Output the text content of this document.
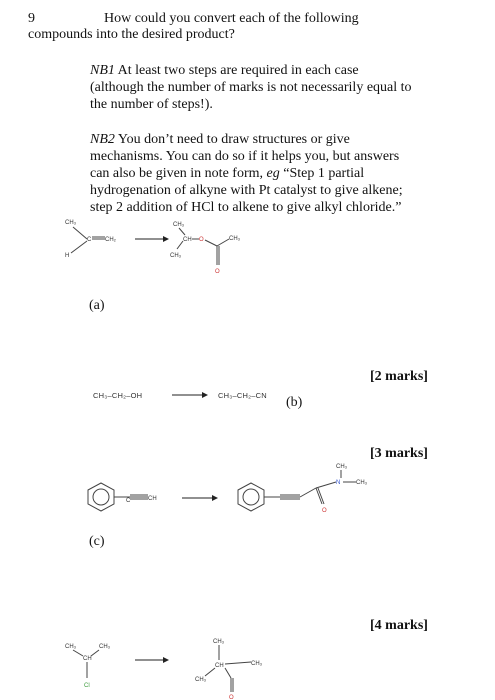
9	How could you convert each of the following
compounds into the desired product?
NB1 At least two steps are required in each case
(although the number of marks is not necessarily equal to
the number of steps!).
NB2 You don’t need to draw structures or give
mechanisms. You can do so if it helps you, but answers
can also be given in note form, eg “Step 1 partial
hydrogenation of alkyne with Pt catalyst to give alkene;
step 2 addition of HCl to alkene to give alkyl chloride.”
CH₃
C CH₂
H
CH₃
CH O	CH₃
CH₃
O
(a)
[2 marks]
CH₃–CH₂–OH	CH₃–CH₂–CN (b)
[3 marks]
C	CH
O
N
CH₃
CH₃
(c)
[4 marks]
CH₃
CH
CH₃
Cl
CH₃
CH	CH₃
CH₃
O
